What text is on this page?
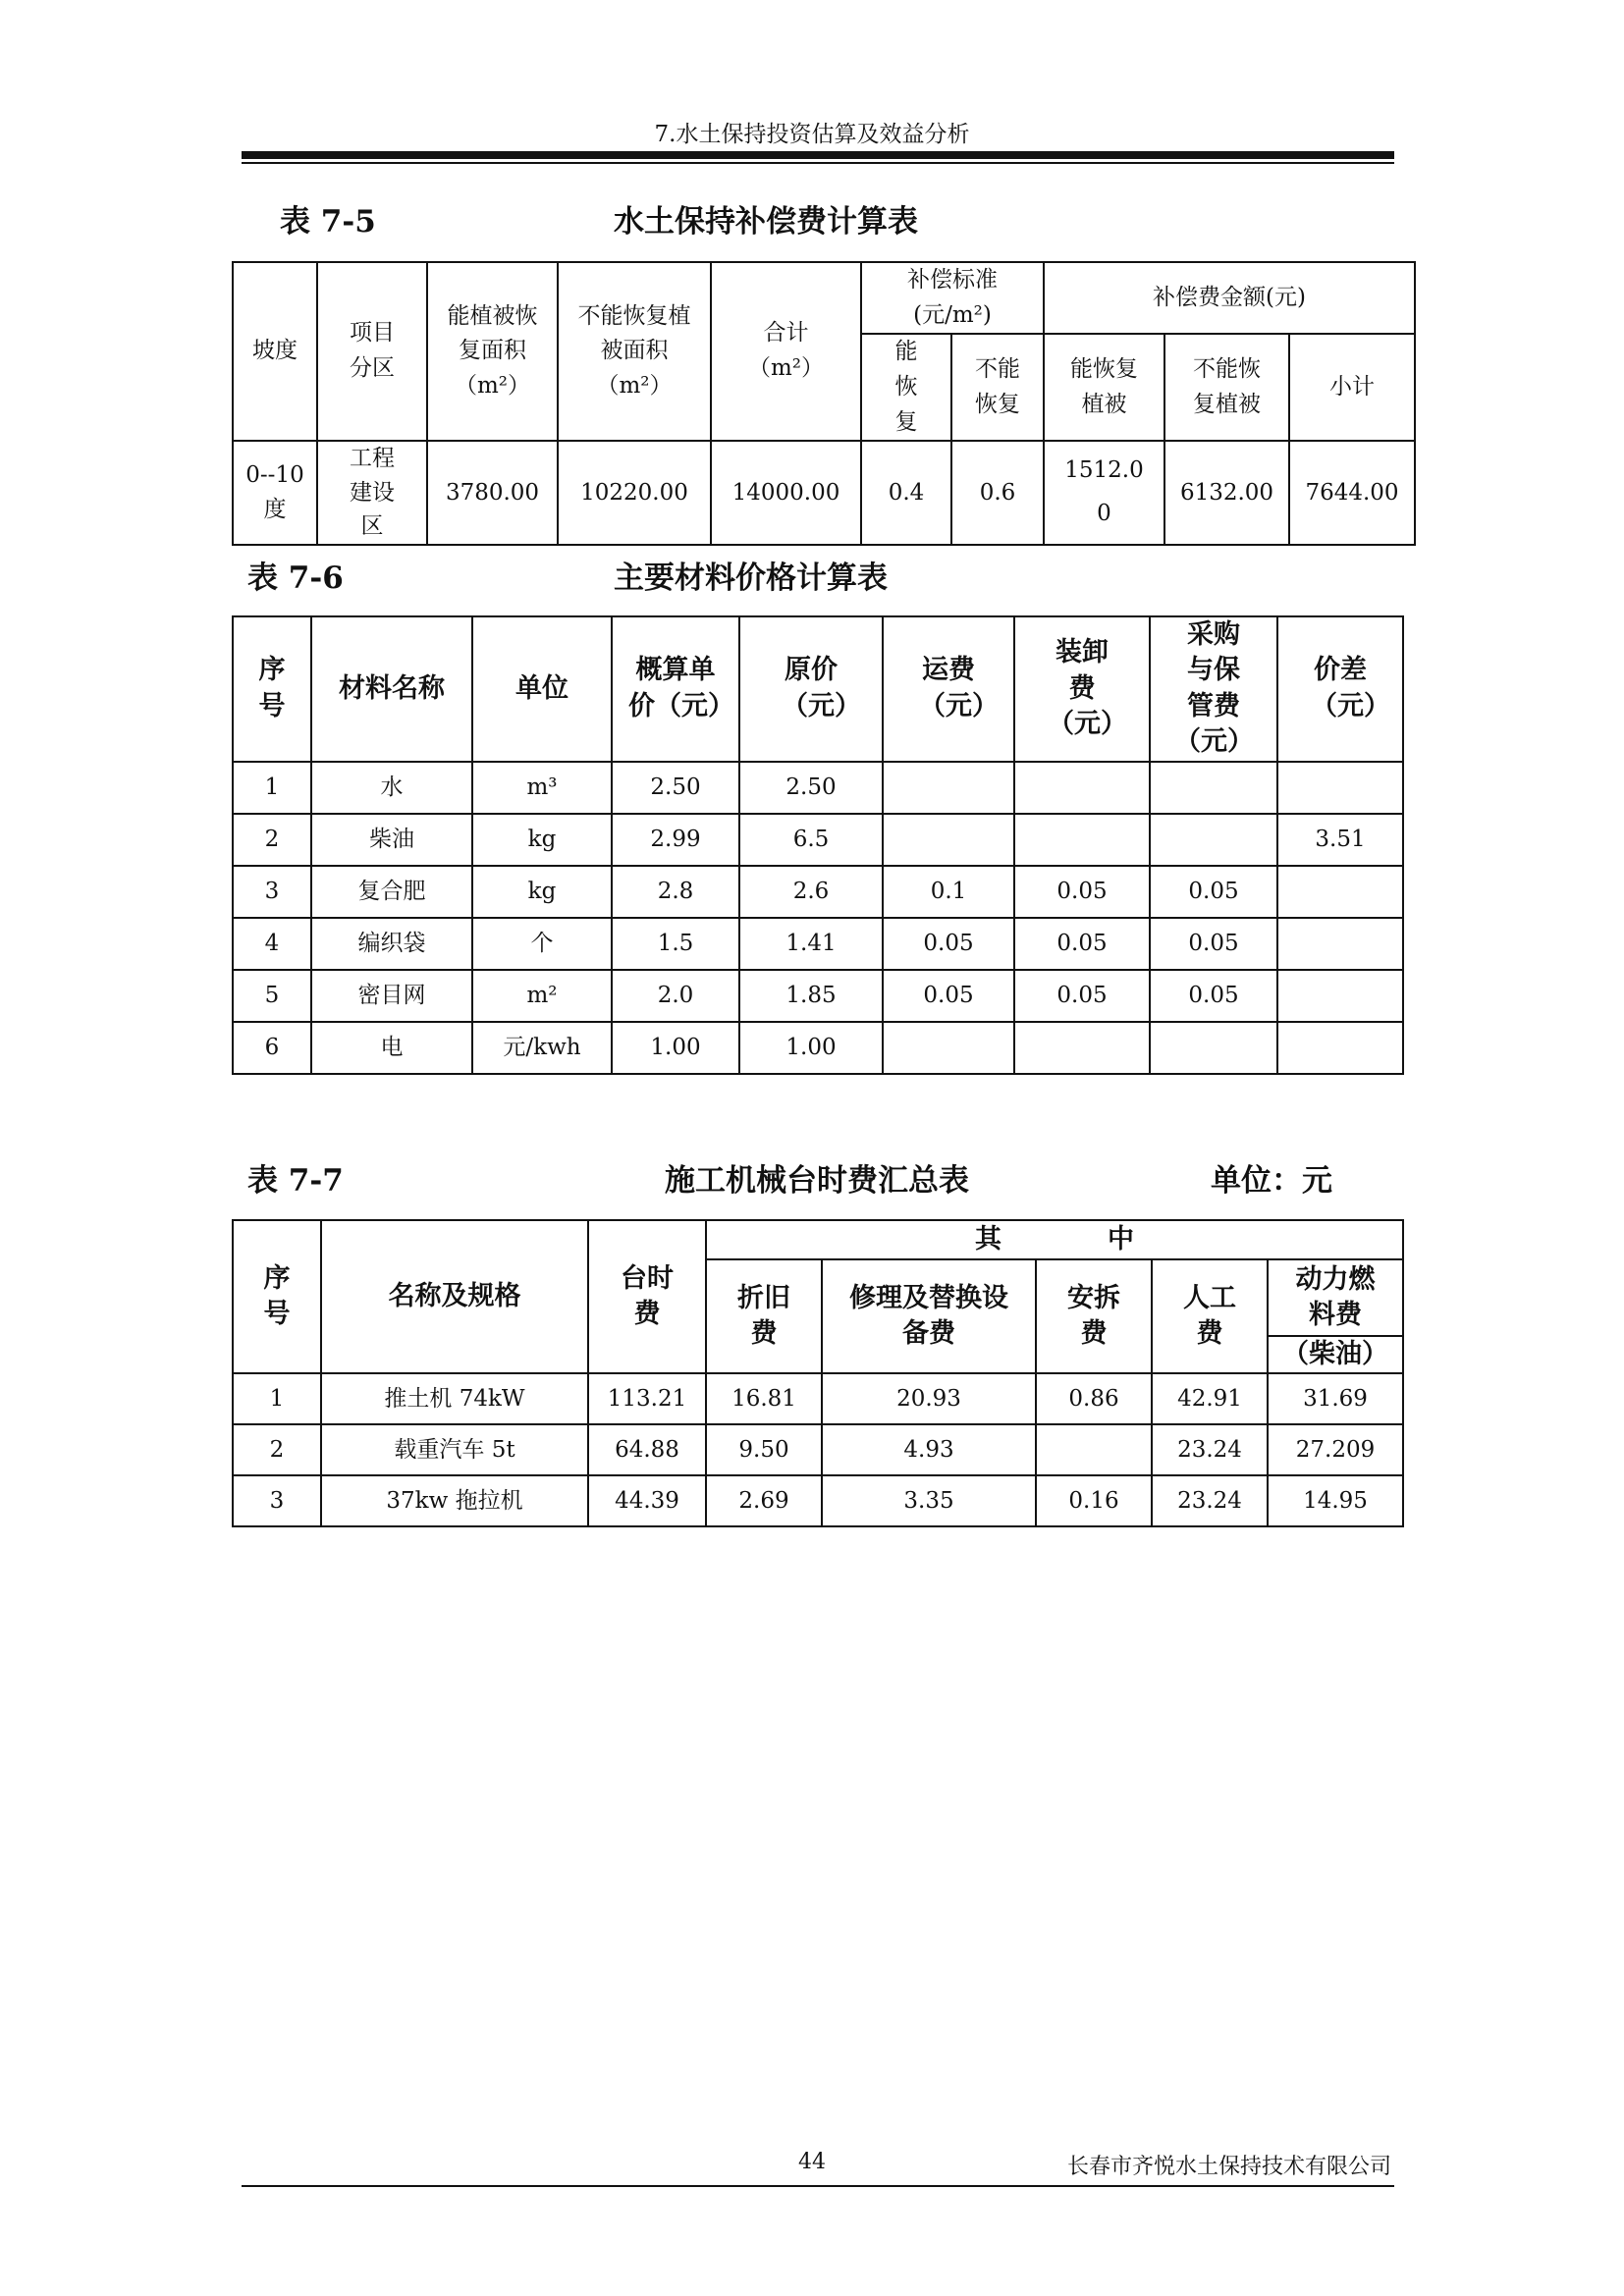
7.水土保持投资估算及效益分析
表 7-5	水土保持补偿费计算表
坡度	项目分区	能植被恢复面积（m²）	不能恢复植被面积（m²）	合计（m²）	补偿标准(元/m²)		补偿费金额(元)		
					能恢复	不能恢复	能恢复植被	不能恢复植被	小计
0--10度	工程建设区	3780.00	10220.00	14000.00	0.4	0.6	1512.00	6132.00	7644.00
表 7-6	主要材料价格计算表
序号	材料名称	单位	概算单价（元）	原价（元）	运费（元）	装卸费（元）	采购与保管费（元）	价差（元）
1	水	m³	2.50	2.50				
2	柴油	kg	2.99	6.5				3.51
3	复合肥	kg	2.8	2.6	0.1	0.05	0.05	
4	编织袋	个	1.5	1.41	0.05	0.05	0.05	
5	密目网	m²	2.0	1.85	0.05	0.05	0.05	
6	电	元/kwh	1.00	1.00				
表 7-7	施工机械台时费汇总表	单位：元
序号	名称及规格	台时费	其　　　　中				
			折旧费	修理及替换设备费	安拆费	人工费	动力燃料费
							（柴油）
1	推土机 74kW	113.21	16.81	20.93	0.86	42.91	31.69
2	载重汽车 5t	64.88	9.50	4.93		23.24	27.209
3	37kw 拖拉机	44.39	2.69	3.35	0.16	23.24	14.95
44	长春市齐悦水土保持技术有限公司
